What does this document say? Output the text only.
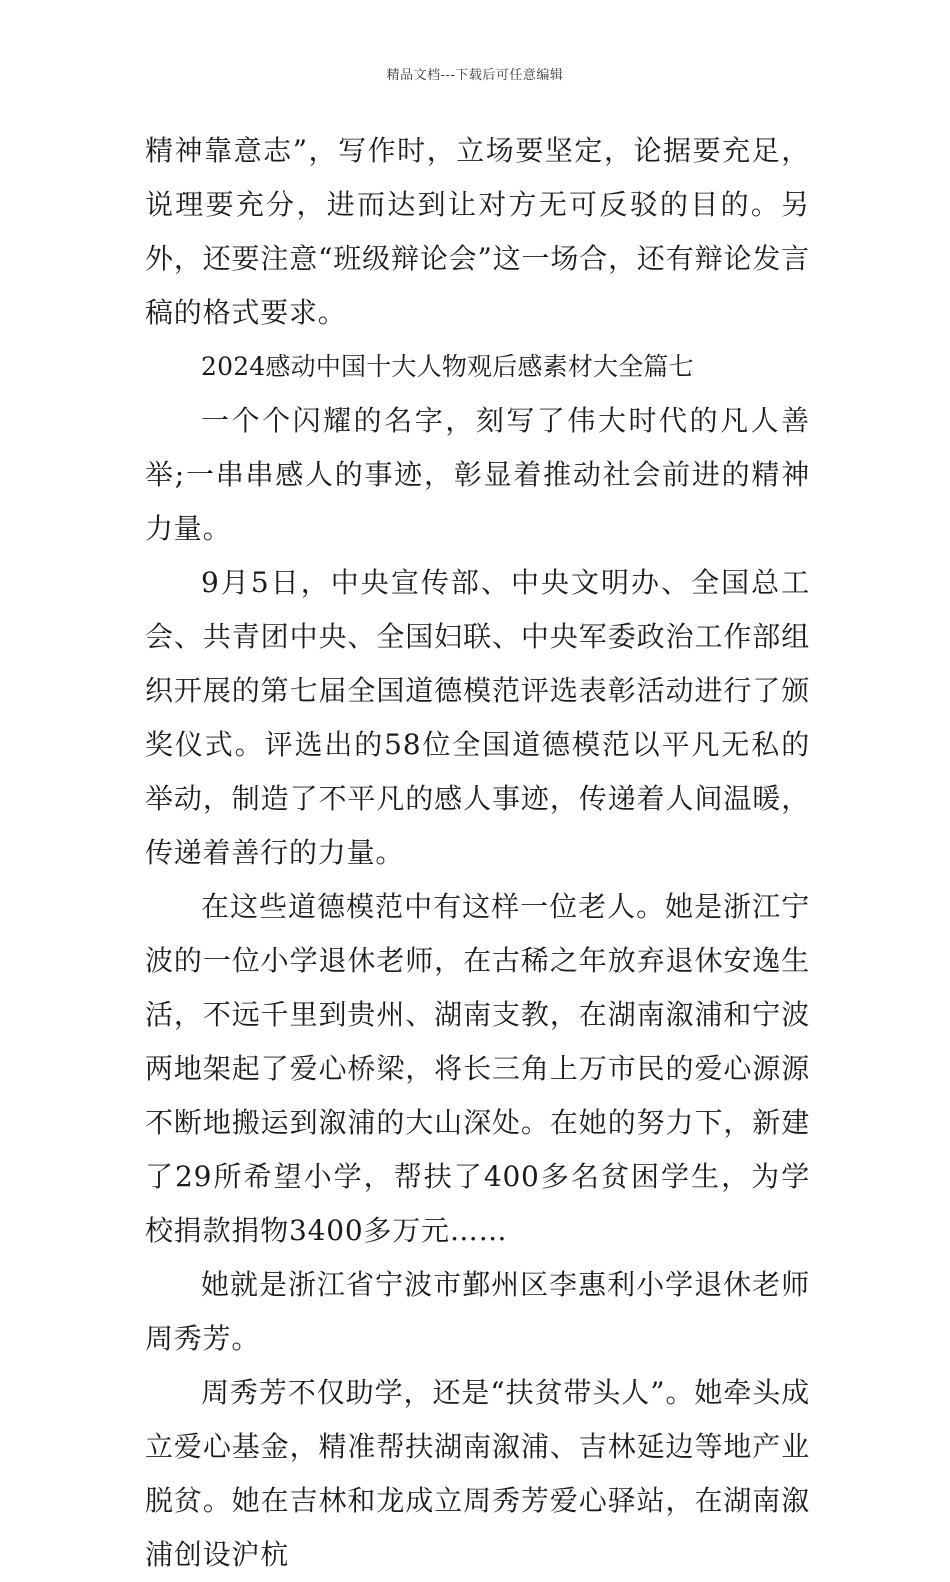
精品文档---下载后可任意编辑

精神靠意志”，写作时，立场要坚定，论据要充足，说理要充分，进而达到让对方无可反驳的目的。另外，还要注意“班级辩论会”这一场合，还有辩论发言稿的格式要求。

2024感动中国十大人物观后感素材大全篇七

一个个闪耀的名字，刻写了伟大时代的凡人善举;一串串感人的事迹，彰显着推动社会前进的精神力量。

9月5日，中央宣传部、中央文明办、全国总工会、共青团中央、全国妇联、中央军委政治工作部组织开展的第七届全国道德模范评选表彰活动进行了颁奖仪式。评选出的58位全国道德模范以平凡无私的举动，制造了不平凡的感人事迹，传递着人间温暖，传递着善行的力量。

在这些道德模范中有这样一位老人。她是浙江宁波的一位小学退休老师，在古稀之年放弃退休安逸生活，不远千里到贵州、湖南支教，在湖南溆浦和宁波两地架起了爱心桥梁，将长三角上万市民的爱心源源不断地搬运到溆浦的大山深处。在她的努力下，新建了29所希望小学，帮扶了400多名贫困学生，为学校捐款捐物3400多万元……

她就是浙江省宁波市鄞州区李惠利小学退休老师周秀芳。

周秀芳不仅助学，还是“扶贫带头人”。她牵头成立爱心基金，精准帮扶湖南溆浦、吉林延边等地产业脱贫。她在吉林和龙成立周秀芳爱心驿站，在湖南溆浦创设沪杭
